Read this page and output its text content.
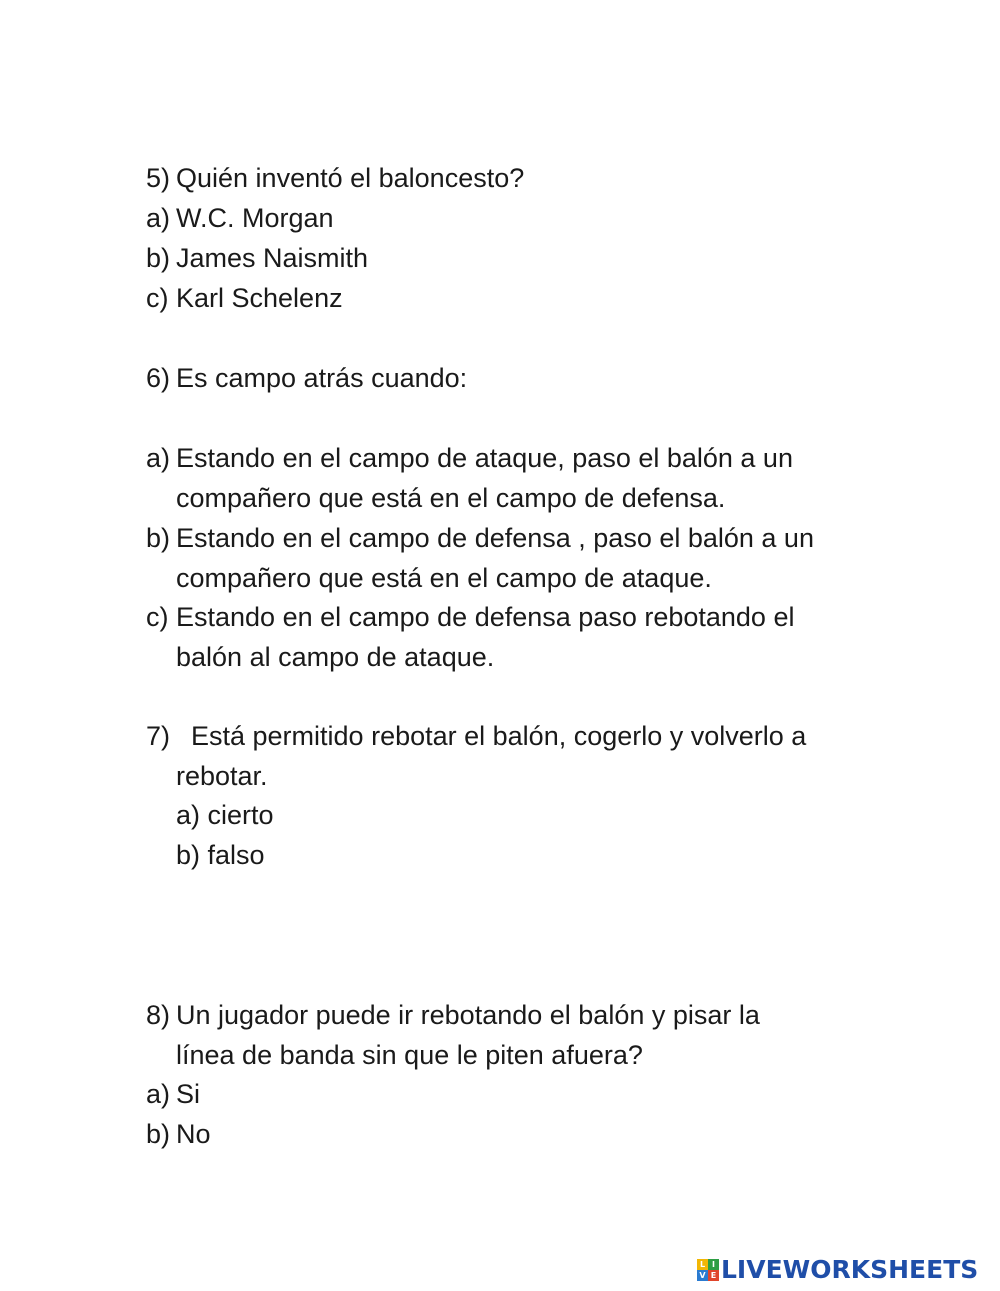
5) Quién inventó el baloncesto?
a) W.C. Morgan
b) James Naismith
c) Karl Schelenz
6) Es campo atrás cuando:
a) Estando en el campo de ataque, paso el balón a un
compañero que está en el campo de defensa.
b) Estando en el campo de defensa , paso el balón a un
compañero que está en el campo de ataque.
c) Estando en el campo de defensa paso rebotando el
balón al campo de ataque.
7) Está permitido rebotar el balón, cogerlo y volverlo a
rebotar.
a) cierto
b) falso
8) Un jugador puede ir rebotando el balón y pisar la
línea de banda sin que le piten afuera?
a) Si
b) No
L I
V E LIVEWORKSHEETS
